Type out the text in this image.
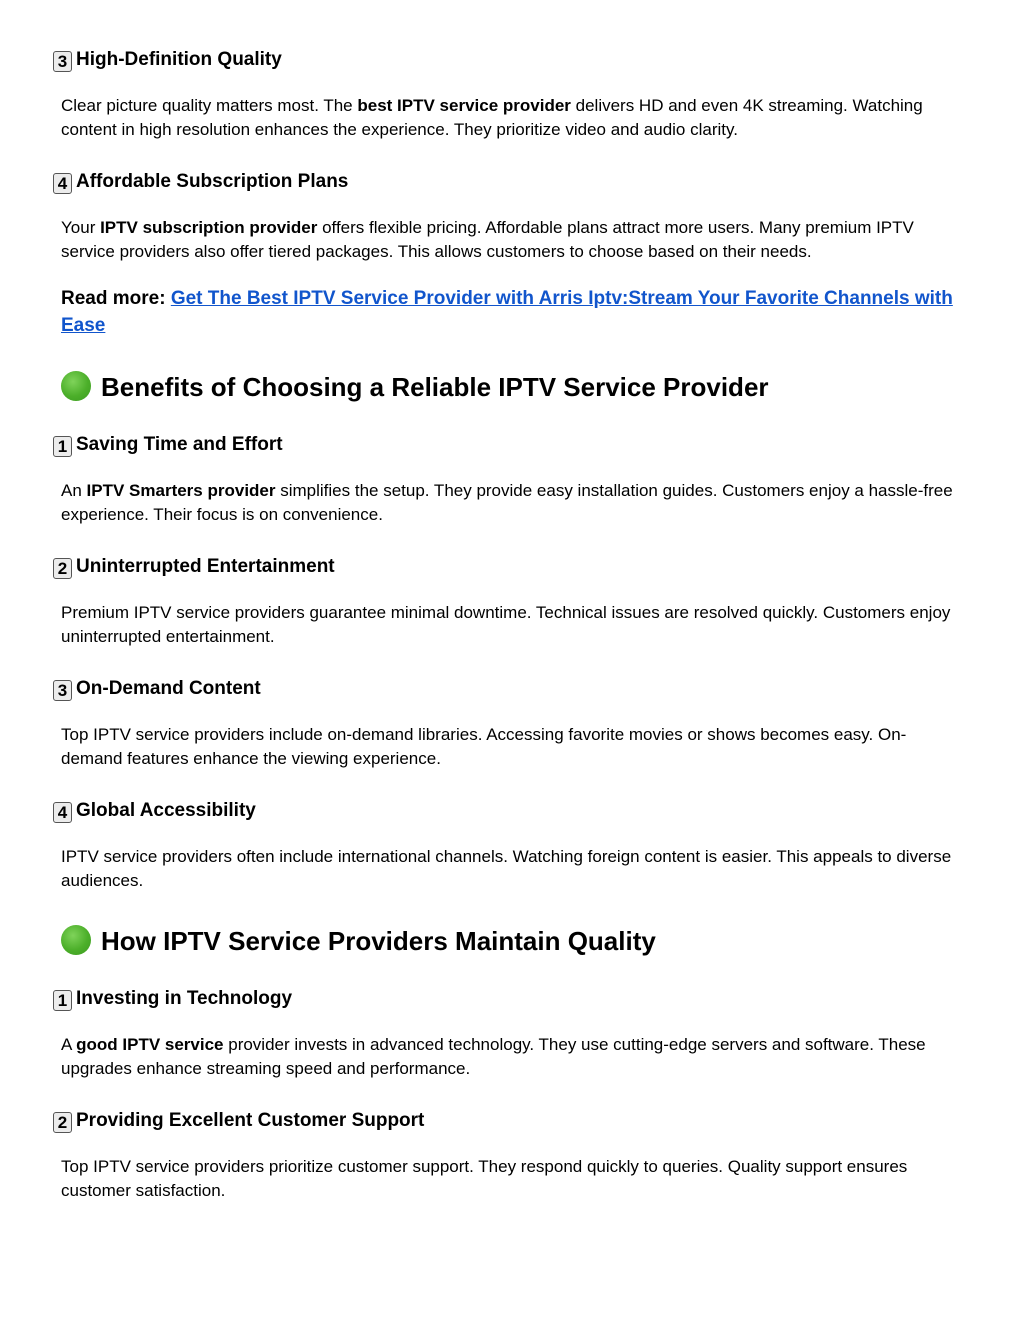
3 High-Definition Quality
Clear picture quality matters most. The best IPTV service provider delivers HD and even 4K streaming. Watching content in high resolution enhances the experience. They prioritize video and audio clarity.
4 Affordable Subscription Plans
Your IPTV subscription provider offers flexible pricing. Affordable plans attract more users. Many premium IPTV service providers also offer tiered packages. This allows customers to choose based on their needs.
Read more: Get The Best IPTV Service Provider with Arris Iptv:Stream Your Favorite Channels with Ease
Benefits of Choosing a Reliable IPTV Service Provider
1 Saving Time and Effort
An IPTV Smarters provider simplifies the setup. They provide easy installation guides. Customers enjoy a hassle-free experience. Their focus is on convenience.
2 Uninterrupted Entertainment
Premium IPTV service providers guarantee minimal downtime. Technical issues are resolved quickly. Customers enjoy uninterrupted entertainment.
3 On-Demand Content
Top IPTV service providers include on-demand libraries. Accessing favorite movies or shows becomes easy. On-demand features enhance the viewing experience.
4 Global Accessibility
IPTV service providers often include international channels. Watching foreign content is easier. This appeals to diverse audiences.
How IPTV Service Providers Maintain Quality
1 Investing in Technology
A good IPTV service provider invests in advanced technology. They use cutting-edge servers and software. These upgrades enhance streaming speed and performance.
2 Providing Excellent Customer Support
Top IPTV service providers prioritize customer support. They respond quickly to queries. Quality support ensures customer satisfaction.
